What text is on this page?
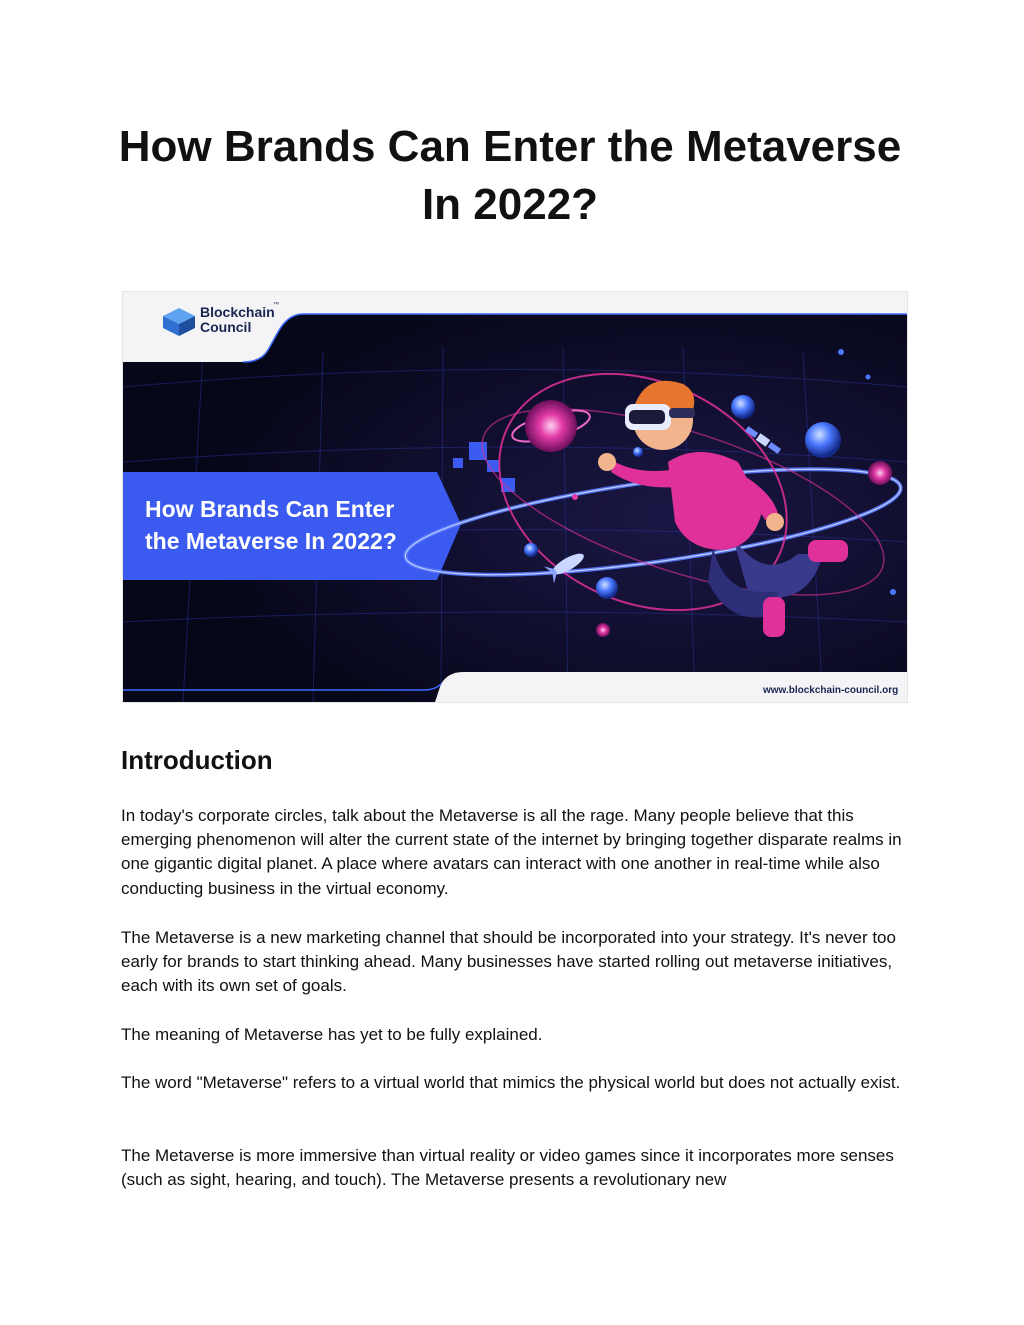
How Brands Can Enter the Metaverse
In 2022?
Blockchain
™
Council
How Brands Can Enter
the Metaverse In 2022?
www.blockchain-council.org
Introduction

In today's corporate circles, talk about the Metaverse is all the rage. Many people believe that this emerging phenomenon will alter the current state of the internet by bringing together disparate realms in one gigantic digital planet. A place where avatars can interact with one another in real-time while also conducting business in the virtual economy.

The Metaverse is a new marketing channel that should be incorporated into your strategy. It's never too early for brands to start thinking ahead. Many businesses have started rolling out metaverse initiatives, each with its own set of goals.

The meaning of Metaverse has yet to be fully explained.

The word "Metaverse" refers to a virtual world that mimics the physical world but does not actually exist.

The Metaverse is more immersive than virtual reality or video games since it incorporates more senses (such as sight, hearing, and touch). The Metaverse presents a revolutionary new
